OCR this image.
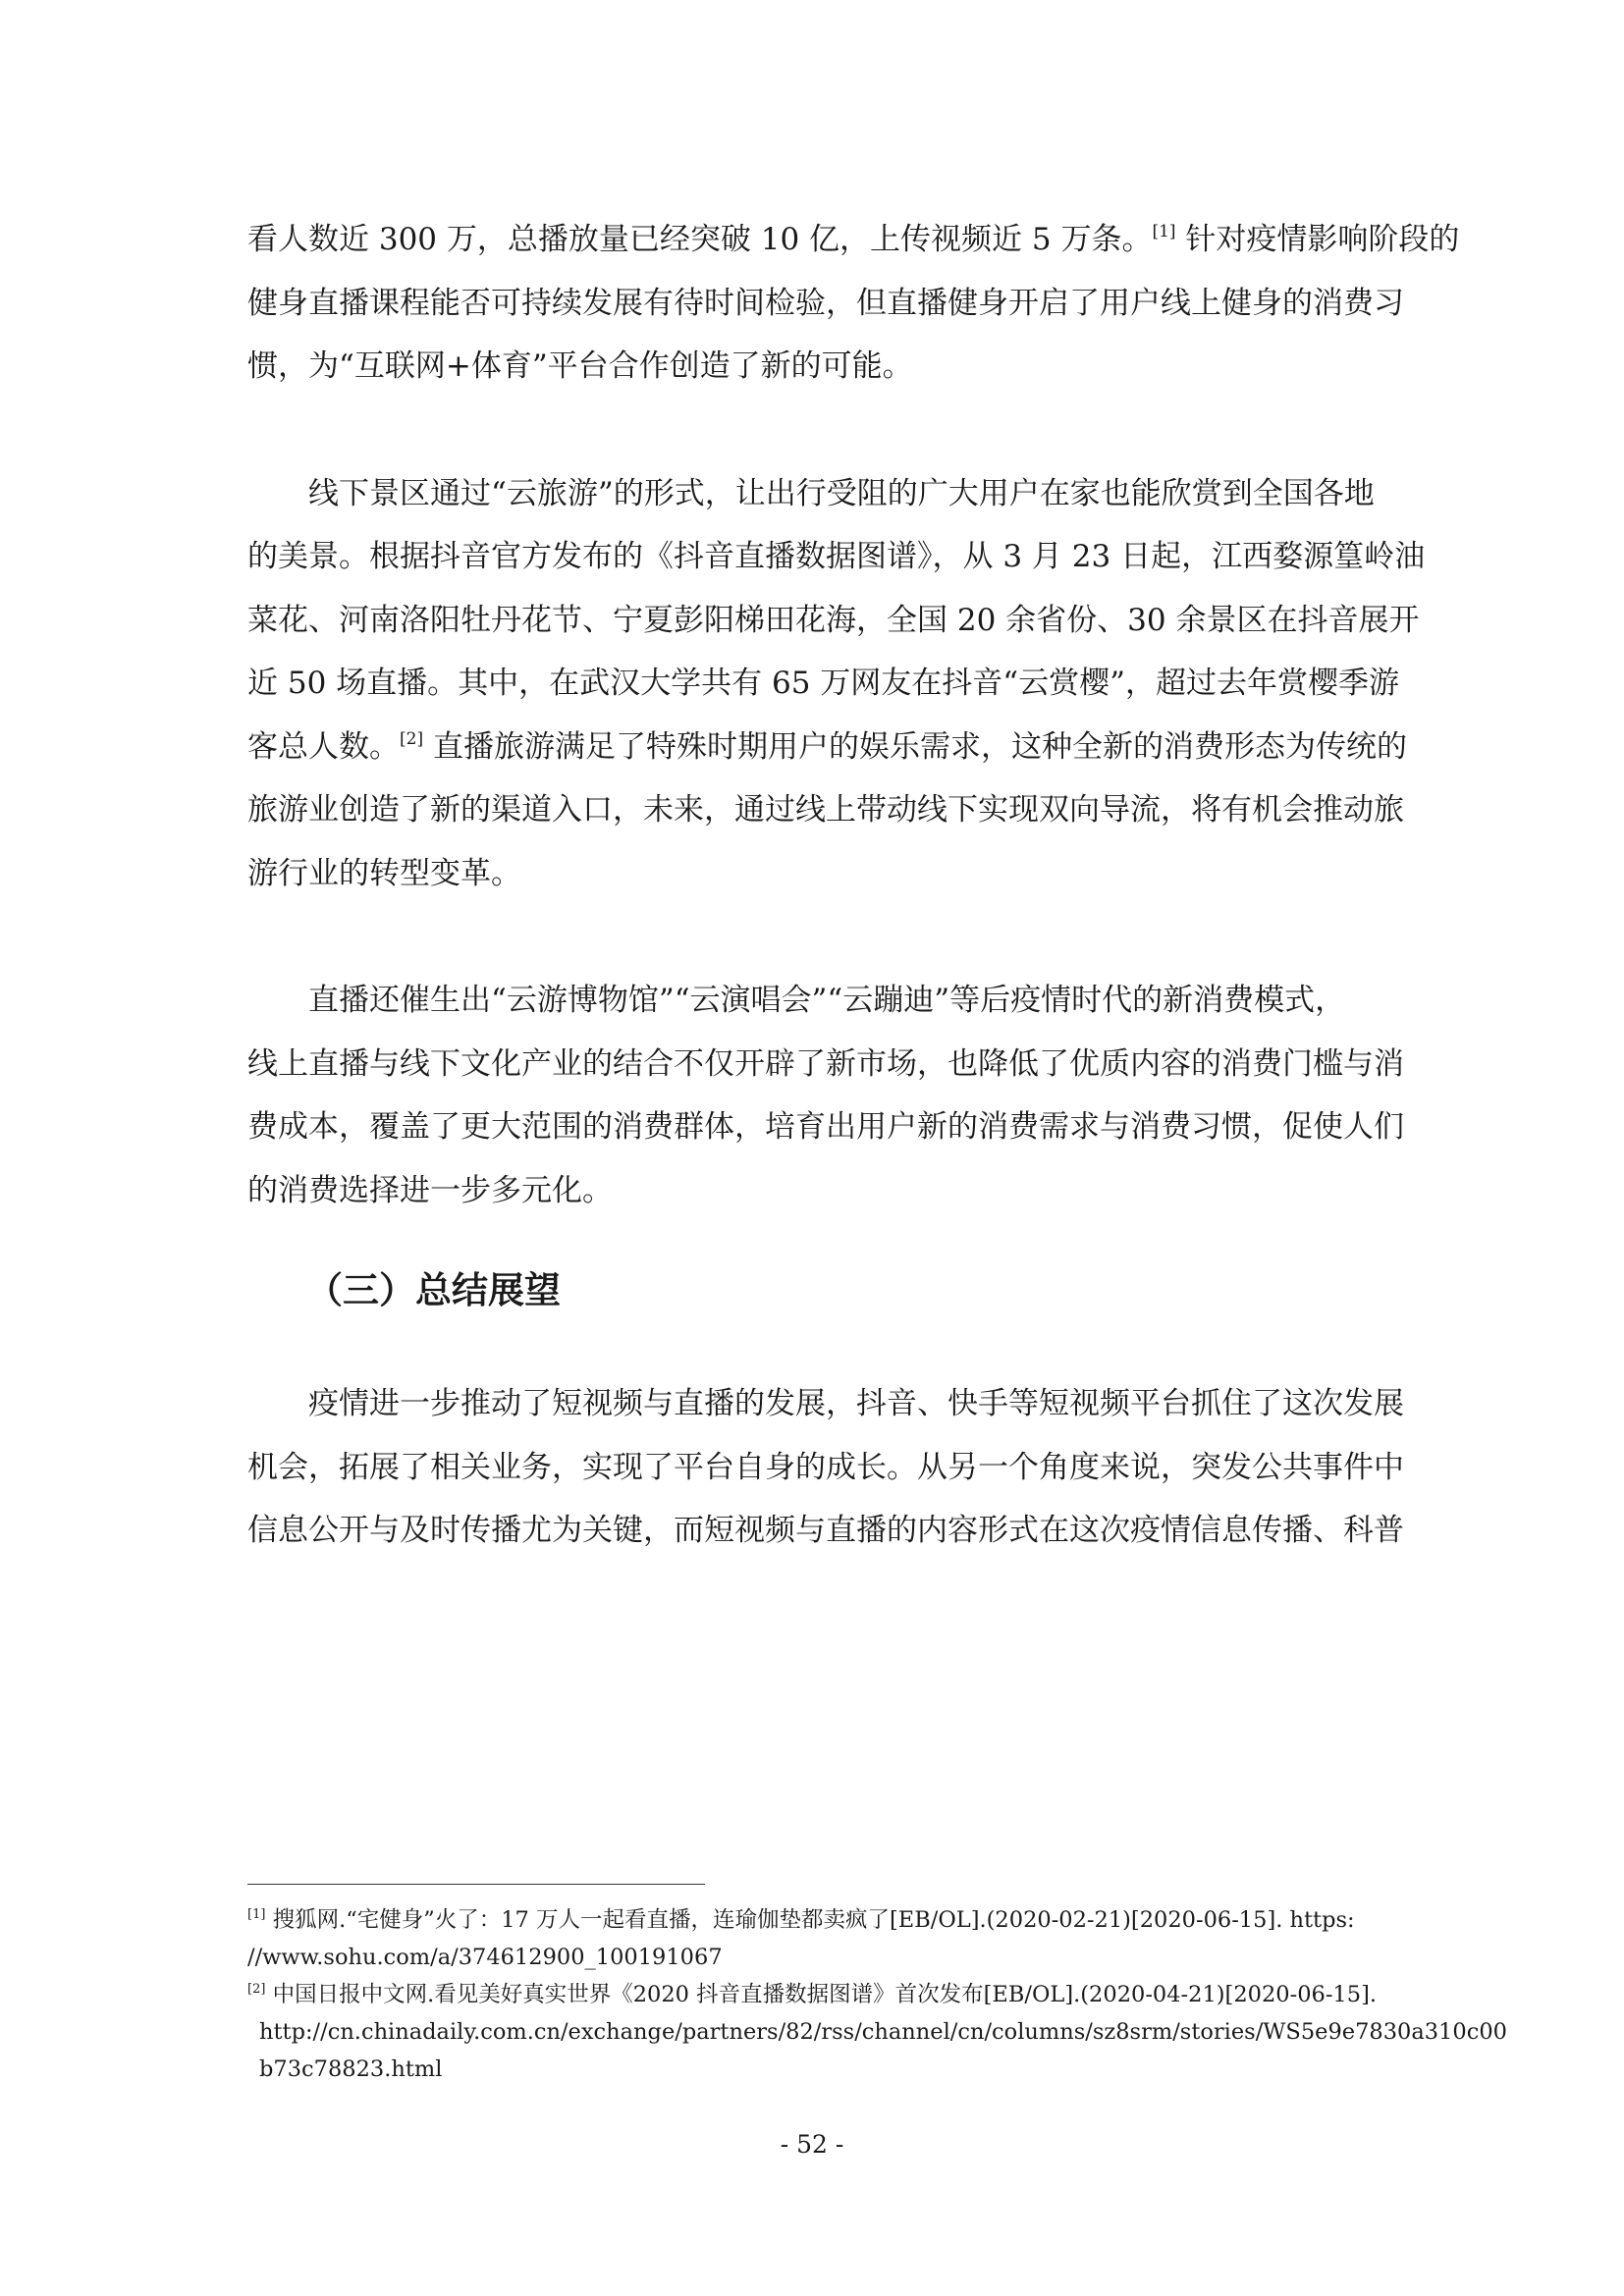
看人数近 300 万，总播放量已经突破 10 亿，上传视频近 5 万条。[1] 针对疫情影响阶段的

健身直播课程能否可持续发展有待时间检验，但直播健身开启了用户线上健身的消费习

惯，为“互联网+体育”平台合作创造了新的可能。

线下景区通过“云旅游”的形式，让出行受阻的广大用户在家也能欣赏到全国各地

的美景。根据抖音官方发布的《抖音直播数据图谱》，从 3 月 23 日起，江西婺源篁岭油

菜花、河南洛阳牡丹花节、宁夏彭阳梯田花海，全国 20 余省份、30 余景区在抖音展开

近 50 场直播。其中，在武汉大学共有 65 万网友在抖音“云赏樱”，超过去年赏樱季游

客总人数。[2] 直播旅游满足了特殊时期用户的娱乐需求，这种全新的消费形态为传统的

旅游业创造了新的渠道入口，未来，通过线上带动线下实现双向导流，将有机会推动旅

游行业的转型变革。

直播还催生出“云游博物馆”“云演唱会”“云蹦迪”等后疫情时代的新消费模式，

线上直播与线下文化产业的结合不仅开辟了新市场，也降低了优质内容的消费门槛与消

费成本，覆盖了更大范围的消费群体，培育出用户新的消费需求与消费习惯，促使人们

的消费选择进一步多元化。

（三）总结展望

疫情进一步推动了短视频与直播的发展，抖音、快手等短视频平台抓住了这次发展

机会，拓展了相关业务，实现了平台自身的成长。从另一个角度来说，突发公共事件中

信息公开与及时传播尤为关键，而短视频与直播的内容形式在这次疫情信息传播、科普

[1] 搜狐网.“宅健身”火了：17 万人一起看直播，连瑜伽垫都卖疯了[EB/OL].(2020-02-21)[2020-06-15]. https:

//www.sohu.com/a/374612900_100191067

[2] 中国日报中文网.看见美好真实世界《2020 抖音直播数据图谱》首次发布[EB/OL].(2020-04-21)[2020-06-15].

http://cn.chinadaily.com.cn/exchange/partners/82/rss/channel/cn/columns/sz8srm/stories/WS5e9e7830a310c00

b73c78823.html

- 52 -
